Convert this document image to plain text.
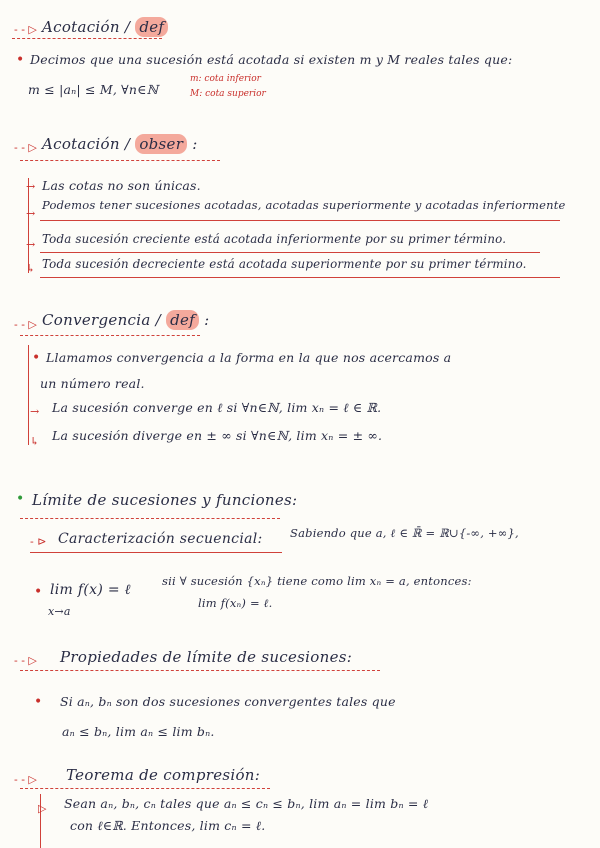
- - ▷ Acotación / def
• Decimos que una sucesión está acotada si existen m y M reales tales que:
m ≤ |aₙ| ≤ M, ∀n∈ℕ
m: cota inferior
M: cota superior
- - ▷ Acotación / obser :
→ Las cotas no son únicas.
→
Podemos tener sucesiones acotadas, acotadas superiormente y acotadas inferiormente
→ Toda sucesión creciente está acotada inferiormente por su primer término.
↳ Toda sucesión decreciente está acotada superiormente por su primer término.
- - ▷ Convergencia / def :
• Llamamos convergencia a la forma en la que nos acercamos a
un número real.
→ La sucesión converge en ℓ si ∀n∈ℕ, lim xₙ = ℓ ∈ ℝ.
↳ La sucesión diverge en ± ∞ si ∀n∈ℕ, lim xₙ = ± ∞.
• Límite de sucesiones y funciones:
- ⊳ Caracterización secuencial: Sabiendo que a, ℓ ∈ ℝ̄ = ℝ∪{-∞, +∞},
• lim f(x) = ℓ
x→a
sii ∀ sucesión {xₙ} tiene como lim xₙ = a, entonces:
lim f(xₙ) = ℓ.
- - ▷ Propiedades de límite de sucesiones:
• Si aₙ, bₙ son dos sucesiones convergentes tales que
aₙ ≤ bₙ, lim aₙ ≤ lim bₙ.
- - ▷ Teorema de compresión:
▷ Sean aₙ, bₙ, cₙ tales que aₙ ≤ cₙ ≤ bₙ, lim aₙ = lim bₙ = ℓ
con ℓ∈ℝ. Entonces, lim cₙ = ℓ.
